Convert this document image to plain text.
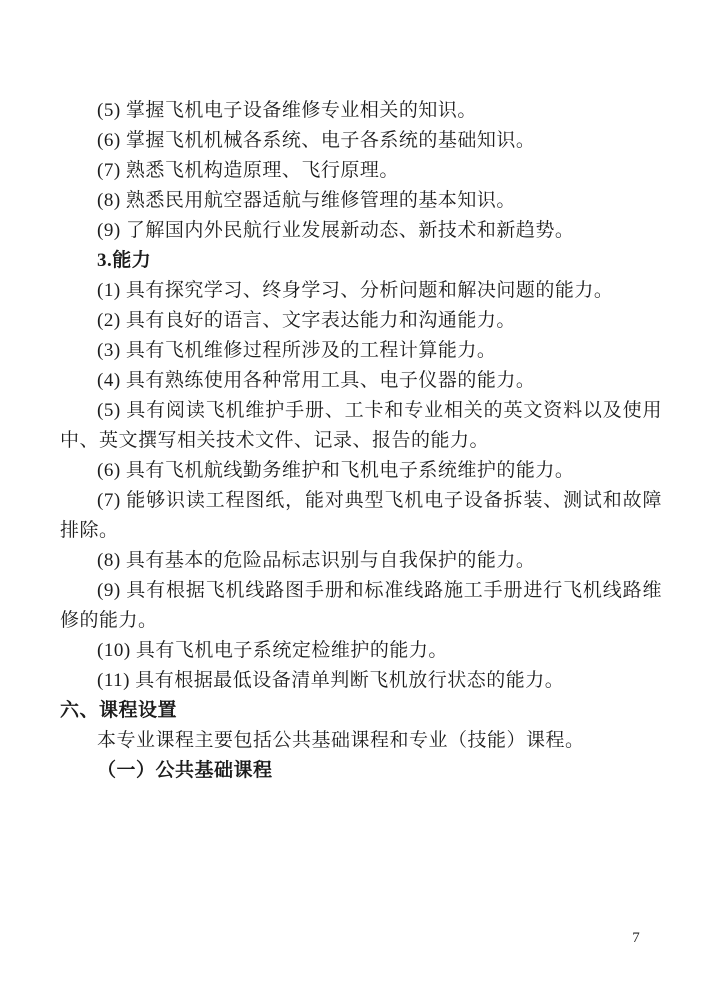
(5) 掌握飞机电子设备维修专业相关的知识。
(6) 掌握飞机机械各系统、电子各系统的基础知识。
(7) 熟悉飞机构造原理、飞行原理。
(8) 熟悉民用航空器适航与维修管理的基本知识。
(9) 了解国内外民航行业发展新动态、新技术和新趋势。
3.能力
(1) 具有探究学习、终身学习、分析问题和解决问题的能力。
(2) 具有良好的语言、文字表达能力和沟通能力。
(3) 具有飞机维修过程所涉及的工程计算能力。
(4) 具有熟练使用各种常用工具、电子仪器的能力。
(5) 具有阅读飞机维护手册、工卡和专业相关的英文资料以及使用
中、英文撰写相关技术文件、记录、报告的能力。
(6) 具有飞机航线勤务维护和飞机电子系统维护的能力。
(7) 能够识读工程图纸，能对典型飞机电子设备拆装、测试和故障
排除。
(8) 具有基本的危险品标志识别与自我保护的能力。
(9) 具有根据飞机线路图手册和标准线路施工手册进行飞机线路维
修的能力。
(10) 具有飞机电子系统定检维护的能力。
(11) 具有根据最低设备清单判断飞机放行状态的能力。
六、课程设置
本专业课程主要包括公共基础课程和专业（技能）课程。
（一）公共基础课程
7
